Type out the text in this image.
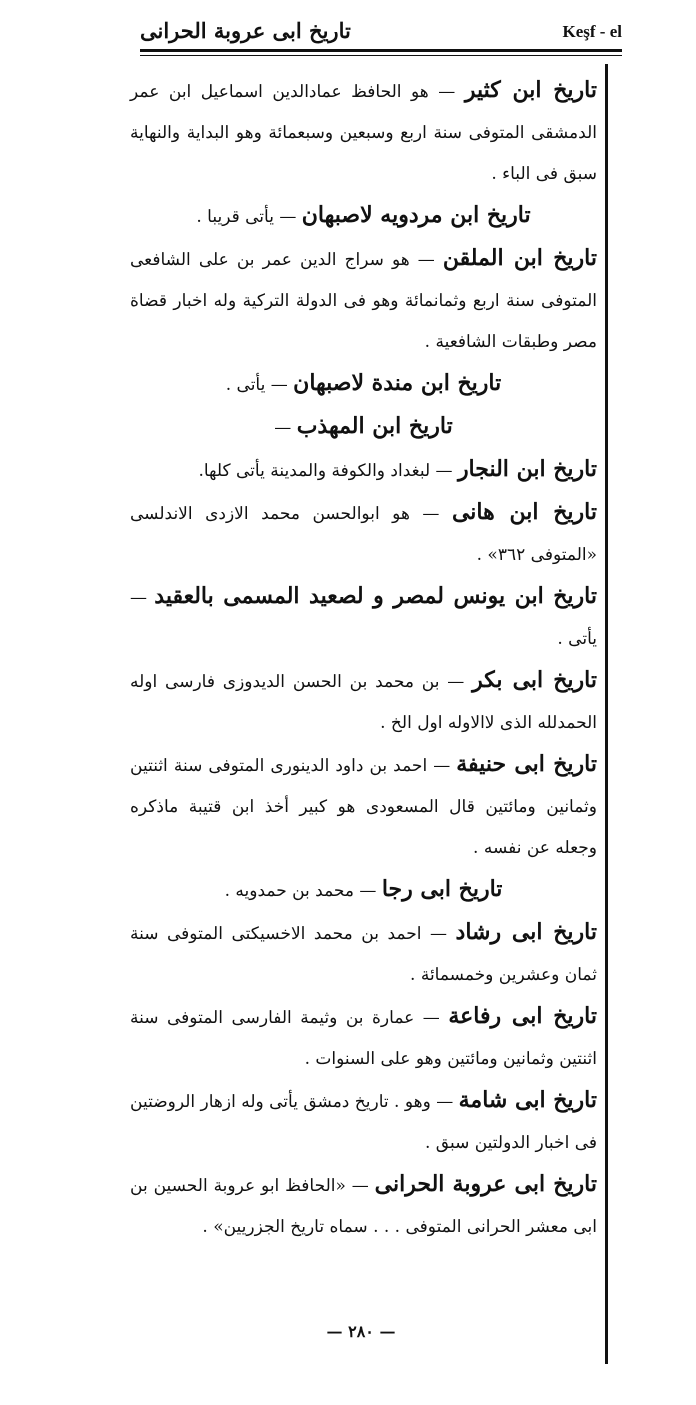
تاريخ ابى عروبة الحرانى	Keşf - el

تاريخ ابن كثير — هو الحافظ عمادالدين اسماعيل ابن عمر الدمشقى المتوفى سنة اربع وسبعين وسبعمائة وهو البداية والنهاية سبق فى الباء .

تاريخ ابن مردويه لاصبهان — يأتى قريبا .

تاريخ ابن الملقن — هو سراج الدين عمر بن على الشافعى المتوفى سنة اربع وثمانمائة وهو فى الدولة التركية وله اخبار قضاة مصر وطبقات الشافعية .

تاريخ ابن مندة لاصبهان — يأتى .

تاريخ ابن المهذب —

تاريخ ابن النجار — لبغداد والكوفة والمدينة يأتى كلها.

تاريخ ابن هانى — هو ابوالحسن محمد الازدى الاندلسى «المتوفى ٣٦٢» .

تاريخ ابن يونس لمصر و لصعيد المسمى بالعقيد — يأتى .

تاريخ ابى بكر — بن محمد بن الحسن الديدوزى فارسى اوله الحمدلله الذى لاالاوله اول الخ .

تاريخ ابى حنيفة — احمد بن داود الدينورى المتوفى سنة اثنتين وثمانين ومائتين قال المسعودى هو كبير أخذ ابن قتيبة ماذكره وجعله عن نفسه .

تاريخ ابى رجا — محمد بن حمدويه .

تاريخ ابى رشاد — احمد بن محمد الاخسيكتى المتوفى سنة ثمان وعشرين وخمسمائة .

تاريخ ابى رفاعة — عمارة بن وثيمة الفارسى المتوفى سنة اثنتين وثمانين ومائتين وهو على السنوات .

تاريخ ابى شامة — وهو . تاريخ دمشق يأتى وله ازهار الروضتين فى اخبار الدولتين سبق .

تاريخ ابى عروبة الحرانى — «الحافظ ابو عروبة الحسين بن ابى معشر الحرانى المتوفى . . . سماه تاريخ الجزريين» .

— ٢٨٠ —
